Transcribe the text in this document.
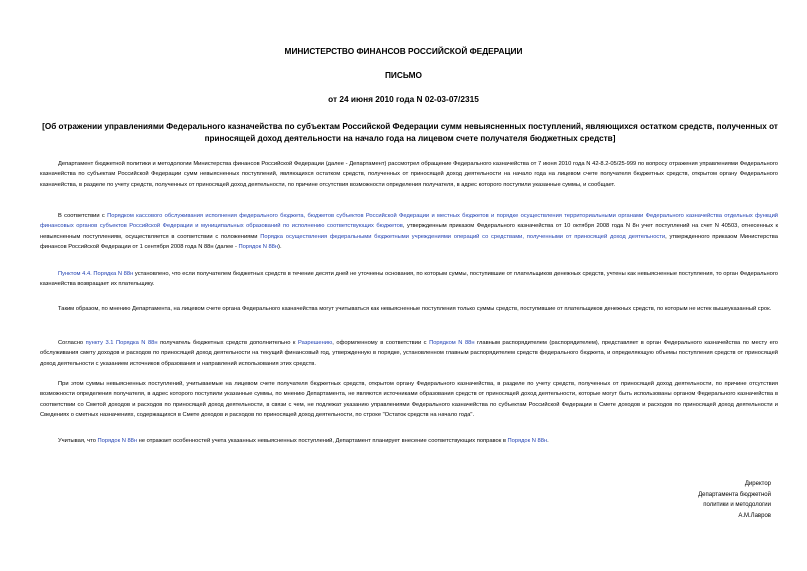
МИНИСТЕРСТВО ФИНАНСОВ РОССИЙСКОЙ ФЕДЕРАЦИИ
ПИСЬМО
от 24 июня 2010 года N 02-03-07/2315
[Об отражении управлениями Федерального казначейства по субъектам Российской Федерации сумм невыясненных поступлений, являющихся остатком средств, полученных от приносящей доход деятельности на начало года на лицевом счете получателя бюджетных средств]

Департамент бюджетной политики и методологии Министерства финансов Российской Федерации (далее - Департамент) рассмотрел обращение Федерального казначейства от 7 июня 2010 года N 42-8.2-05/25-999 по вопросу отражения управлениями Федерального казначейства по субъектам Российской Федерации сумм невыясненных поступлений, являющихся остатком средств, полученных от приносящей доход деятельности на начало года на лицевом счете получателя бюджетных средств, открытом органу Федерального казначейства, в разделе по учету средств, полученных от приносящей доход деятельности, по причине отсутствия возможности определения получателя, в адрес которого поступили указанные суммы, и сообщает.

В соответствии с Порядком кассового обслуживания исполнения федерального бюджета, бюджетов субъектов Российской Федерации и местных бюджетов и порядке осуществления территориальными органами Федерального казначейства отдельных функций финансовых органов субъектов Российской Федерации и муниципальных образований по исполнению соответствующих бюджетов, утвержденным приказом Федерального казначейства от 10 октября 2008 года N 8н учет поступлений на счет N 40503, отнесенных к невыясненным поступлениям, осуществляется в соответствии с положениями Порядка осуществления федеральными бюджетными учреждениями операций со средствами, полученными от приносящей доход деятельности, утвержденного приказом Министерства финансов Российской Федерации от 1 сентября 2008 года N 88н (далее - Порядок N 88н).

Пунктом 4.4. Порядка N 88н установлено, что если получателем бюджетных средств в течение десяти дней не уточнены основания, по которым суммы, поступившие от плательщиков денежных средств, учтены как невыясненные поступления, то орган Федерального казначейства возвращает их плательщику.

Таким образом, по мнению Департамента, на лицевом счете органа Федерального казначейства могут учитываться как невыясненные поступления только суммы средств, поступившие от плательщиков денежных средств, по которым не истек вышеуказанный срок.

Согласно пункту 3.1 Порядка N 88н получатель бюджетных средств дополнительно к Разрешению, оформленному в соответствии с Порядком N 88н главным распорядителем (распорядителем), представляет в орган Федерального казначейства по месту его обслуживания смету доходов и расходов по приносящей доход деятельности на текущий финансовый год, утвержденную в порядке, установленном главным распорядителем средств федерального бюджета, и определяющую объемы поступления средств от приносящей доход деятельности с указанием источников образования и направлений использования этих средств.

При этом суммы невыясненных поступлений, учитываемые на лицевом счете получателя бюджетных средств, открытом органу Федерального казначейства, в разделе по учету средств, полученных от приносящей доход деятельности, по причине отсутствия возможности определения получателя, в адрес которого поступили указанные суммы, по мнению Департамента, не являются источниками образования средств от приносящей доход деятельности, которые могут быть использованы органом Федерального казначейства в соответствии со Сметой доходов и расходов по приносящей доход деятельности, в связи с чем, не подлежат указанию управлениями Федерального казначейства по субъектам Российской Федерации в Смете доходов и расходов по приносящей доход деятельности и Сведениях о сметных назначениях, содержащихся в Смете доходов и расходов по приносящей доход деятельности, по строке "Остаток средств на начало года".

Учитывая, что Порядок N 88н не отражает особенностей учета указанных невыясненных поступлений, Департамент планирует внесение соответствующих поправок в Порядок N 88н.

Директор
Департамента бюджетной
политики и методологии
А.М.Лавров
